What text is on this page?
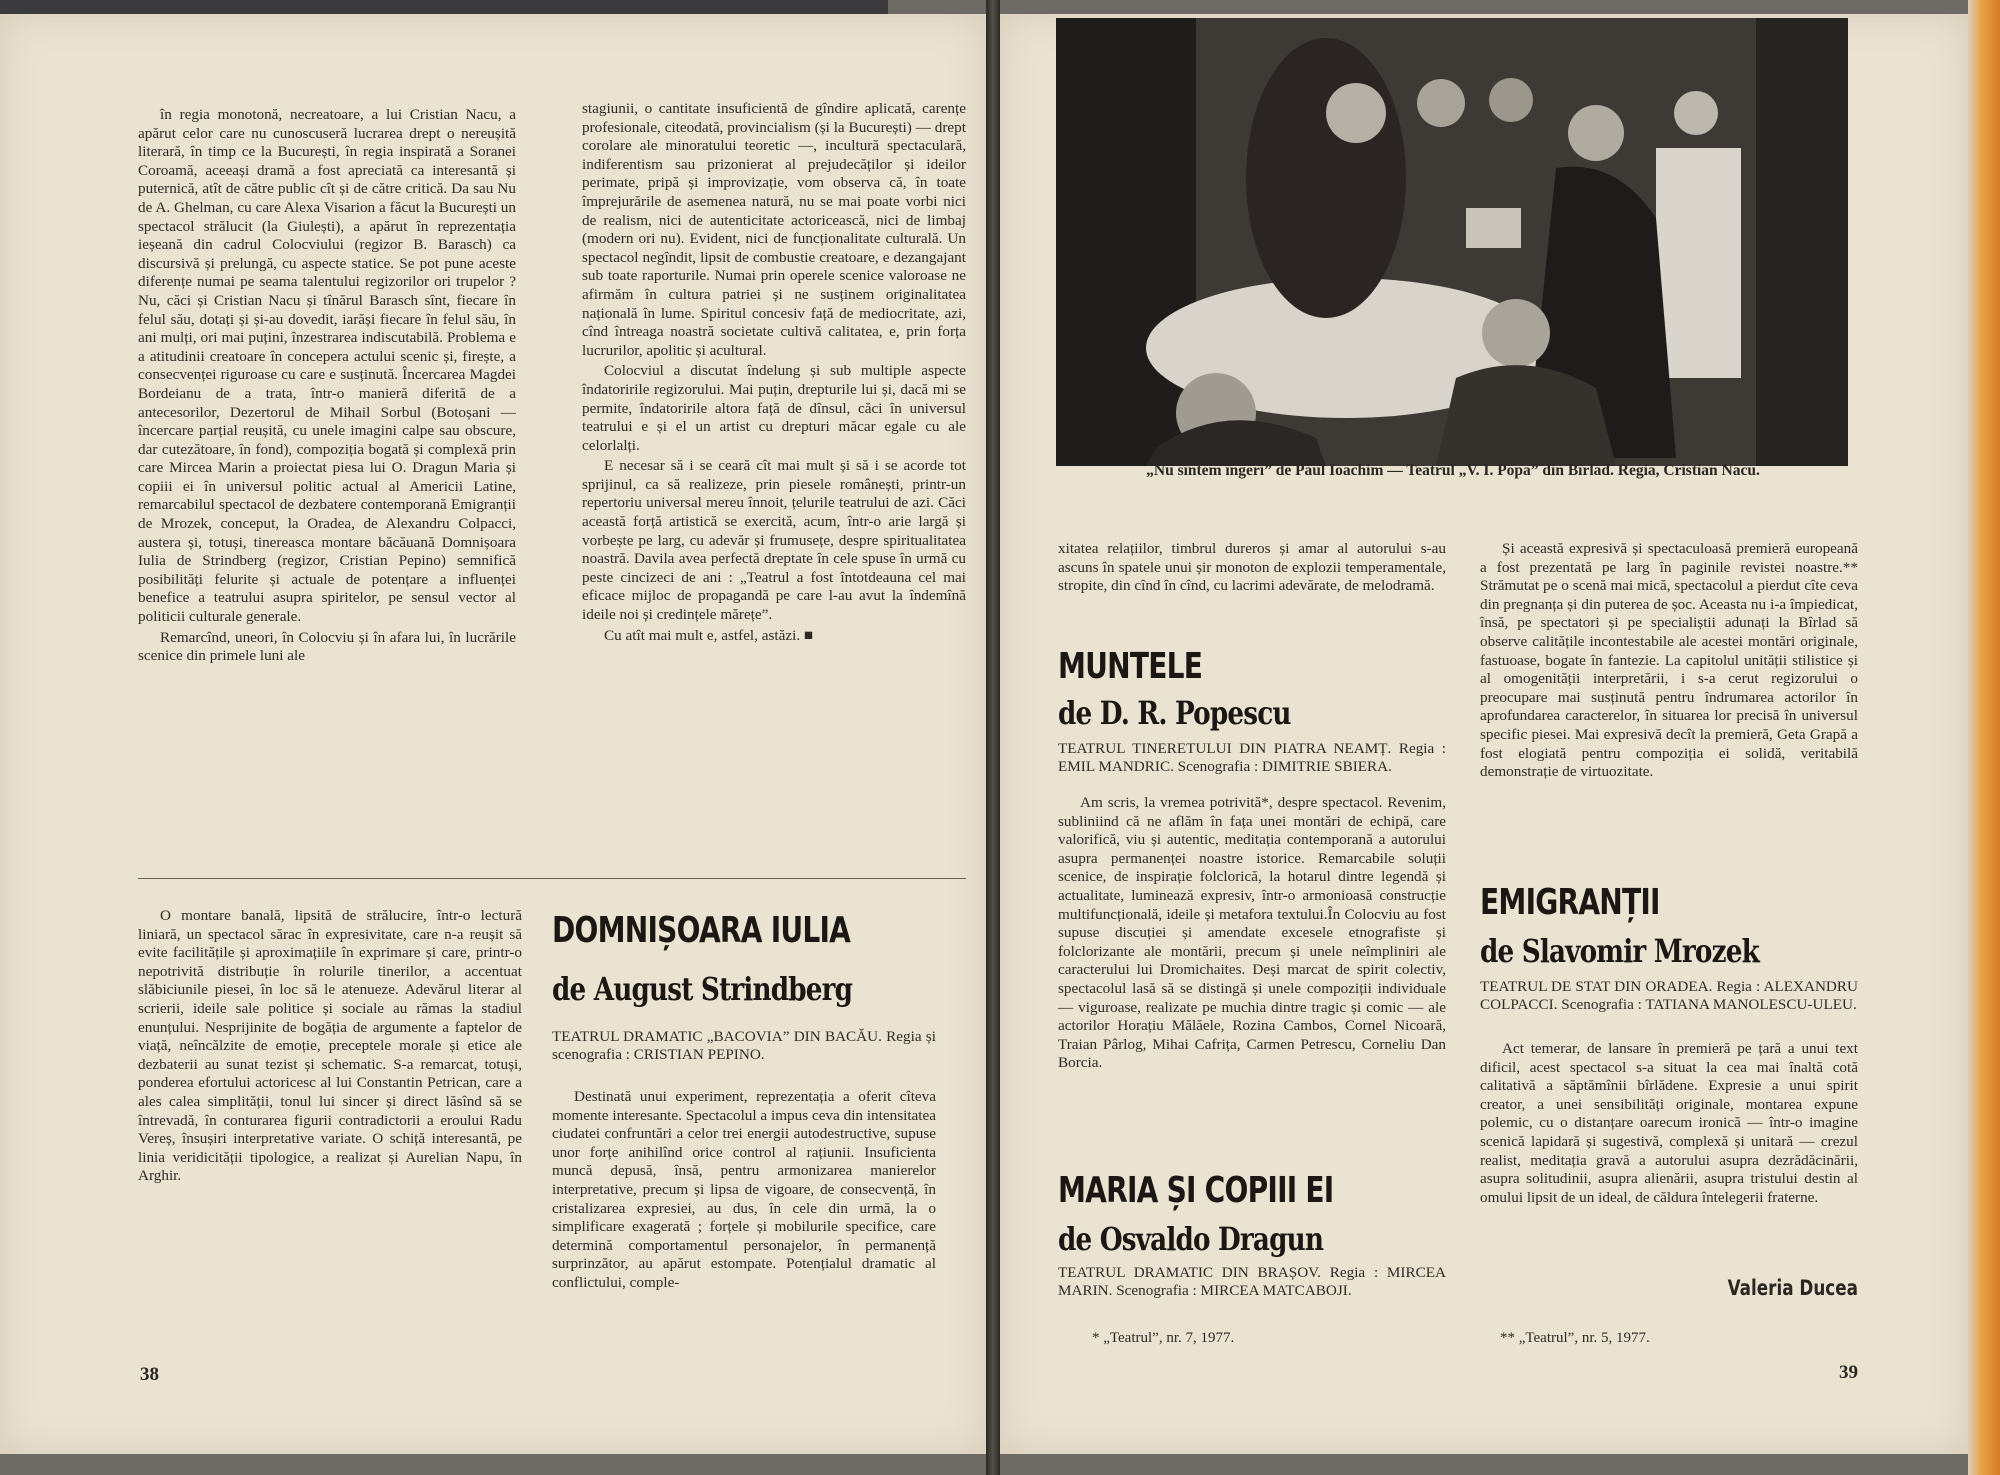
în regia monotonă, necreatoare, a lui Cristian Nacu, a apărut celor care nu cunoscuseră lucrarea drept o nereușită literară, în timp ce la București, în regia inspirată a Soranei Coroamă, aceeași dramă a fost apreciată ca interesantă și puternică, atît de către public cît și de către critică. Da sau Nu de A. Ghelman, cu care Alexa Visarion a făcut la București un spectacol strălucit (la Giulești), a apărut în reprezentația ieșeană din cadrul Colocviului (regizor B. Barasch) ca discursivă și prelungă, cu aspecte statice. Se pot pune aceste diferențe numai pe seama talentului regizorilor ori trupelor ? Nu, căci și Cristian Nacu și tînărul Barasch sînt, fiecare în felul său, dotați și și-au dovedit, iarăși fiecare în felul său, în ani mulți, ori mai puțini, înzestrarea indiscutabilă. Problema e a atitudinii creatoare în concepera actului scenic și, firește, a consecvenței riguroase cu care e susținută. Încercarea Magdei Bordeianu de a trata, într-o manieră diferită de a antecesorilor, Dezertorul de Mihail Sorbul (Botoșani — încercare parțial reușită, cu unele imagini calpe sau obscure, dar cutezătoare, în fond), compoziția bogată și complexă prin care Mircea Marin a proiectat piesa lui O. Dragun Maria și copiii ei în universul politic actual al Americii Latine, remarcabilul spectacol de dezbatere contemporană Emigranții de Mrozek, conceput, la Oradea, de Alexandru Colpacci, austera și, totuși, tinereasca montare băcăuană Domnișoara Iulia de Strindberg (regizor, Cristian Pepino) semnifică posibilități felurite și actuale de potențare a influenței benefice a teatrului asupra spiritelor, pe sensul vector al politicii culturale generale.

Remarcînd, uneori, în Colocviu și în afara lui, în lucrările scenice din primele luni ale

stagiunii, o cantitate insuficientă de gîndire aplicată, carențe profesionale, citeodată, provincialism (și la București) — drept corolare ale minoratului teoretic —, incultură spectaculară, indiferentism sau prizonierat al prejudecăților și ideilor perimate, pripă și improvizație, vom observa că, în toate împrejurările de asemenea natură, nu se mai poate vorbi nici de realism, nici de autenticitate actoricească, nici de limbaj (modern ori nu). Evident, nici de funcționalitate culturală. Un spectacol negîndit, lipsit de combustie creatoare, e dezangajant sub toate raporturile. Numai prin operele scenice valoroase ne afirmăm în cultura patriei și ne susținem originalitatea națională în lume. Spiritul concesiv față de mediocritate, azi, cînd întreaga noastră societate cultivă calitatea, e, prin forța lucrurilor, apolitic și acultural.

Colocviul a discutat îndelung și sub multiple aspecte îndatoririle regizorului. Mai puțin, drepturile lui și, dacă mi se permite, îndatoririle altora față de dînsul, căci în universul teatrului e și el un artist cu drepturi măcar egale cu ale celorlalți.

E necesar să i se ceară cît mai mult și să i se acorde tot sprijinul, ca să realizeze, prin piesele românești, printr-un repertoriu universal mereu înnoit, țelurile teatrului de azi. Căci această forță artistică se exercită, acum, într-o arie largă și vorbește pe larg, cu adevăr și frumusețe, despre spiritualitatea noastră. Davila avea perfectă dreptate în cele spuse în urmă cu peste cincizeci de ani : „Teatrul a fost întotdeauna cel mai eficace mijloc de propagandă pe care l-au avut la îndemînă ideile noi și credințele mărețe”.

Cu atît mai mult e, astfel, astăzi. ■

O montare banală, lipsită de strălucire, într-o lectură liniară, un spectacol sărac în expresivitate, care n-a reușit să evite facilitățile și aproximațiile în exprimare și care, printr-o nepotrivită distribuție în rolurile tinerilor, a accentuat slăbiciunile piesei, în loc să le atenueze. Adevărul literar al scrierii, ideile sale politice și sociale au rămas la stadiul enunțului. Nesprijinite de bogăția de argumente a faptelor de viață, neîncălzite de emoție, preceptele morale și etice ale dezbaterii au sunat tezist și schematic. S-a remarcat, totuși, ponderea efortului actoricesc al lui Constantin Petrican, care a ales calea simplității, tonul lui sincer și direct lăsînd să se întrevadă, în conturarea figurii contradictorii a eroului Radu Vereș, însușiri interpretative variate. O schiță interesantă, pe linia veridicității tipologice, a realizat și Aurelian Napu, în Arghir.

DOMNIȘOARA IULIA
de August Strindberg
TEATRUL DRAMATIC „BACOVIA” DIN BACĂU. Regia și scenografia : CRISTIAN PEPINO.

Destinată unui experiment, reprezentația a oferit cîteva momente interesante. Spectacolul a impus ceva din intensitatea ciudatei confruntări a celor trei energii autodestructive, supuse unor forțe anihilînd orice control al rațiunii. Insuficienta muncă depusă, însă, pentru armonizarea manierelor interpretative, precum și lipsa de vigoare, de consecvență, în cristalizarea expresiei, au dus, în cele din urmă, la o simplificare exagerată ; forțele și mobilurile specifice, care determină comportamentul personajelor, în permanență surprinzător, au apărut estompate. Potențialul dramatic al conflictului, comple-

38
„Nu sîntem îngeri” de Paul Ioachim — Teatrul „V. I. Popa” din Bîrlad. Regia, Cristian Nacu.

xitatea relațiilor, timbrul dureros și amar al autorului s-au ascuns în spatele unui șir monoton de explozii temperamentale, stropite, din cînd în cînd, cu lacrimi adevărate, de melodramă.

MUNTELE
de D. R. Popescu
TEATRUL TINERETULUI DIN PIATRA NEAMȚ. Regia : EMIL MANDRIC. Scenografia : DIMITRIE SBIERA.

Am scris, la vremea potrivită*, despre spectacol. Revenim, subliniind că ne aflăm în fața unei montări de echipă, care valorifică, viu și autentic, meditația contemporană a autorului asupra permanenței noastre istorice. Remarcabile soluții scenice, de inspirație folclorică, la hotarul dintre legendă și actualitate, luminează expresiv, într-o armonioasă construcție multifuncțională, ideile și metafora textului.În Colocviu au fost supuse discuției și amendate excesele etnografiste și folclorizante ale montării, precum și unele neîmpliniri ale caracterului lui Dromichaites. Deși marcat de spirit colectiv, spectacolul lasă să se distingă și unele compoziții individuale — viguroase, realizate pe muchia dintre tragic și comic — ale actorilor Horațiu Mălăele, Rozina Cambos, Cornel Nicoară, Traian Pârlog, Mihai Cafrița, Carmen Petrescu, Corneliu Dan Borcia.

MARIA ȘI COPIII EI
de Osvaldo Dragun
TEATRUL DRAMATIC DIN BRAȘOV. Regia : MIRCEA MARIN. Scenografia : MIRCEA MATCABOJI.
* „Teatrul”, nr. 7, 1977.

Și această expresivă și spectaculoasă premieră europeană a fost prezentată pe larg în paginile revistei noastre.** Strămutat pe o scenă mai mică, spectacolul a pierdut cîte ceva din pregnanța și din puterea de șoc. Aceasta nu i-a împiedicat, însă, pe spectatori și pe specialiștii adunați la Bîrlad să observe calitățile incontestabile ale acestei montări originale, fastuoase, bogate în fantezie. La capitolul unității stilistice și al omogenității interpretării, i s-a cerut regizorului o preocupare mai susținută pentru îndrumarea actorilor în aprofundarea caracterelor, în situarea lor precisă în universul specific piesei. Mai expresivă decît la premieră, Geta Grapă a fost elogiată pentru compoziția ei solidă, veritabilă demonstrație de virtuozitate.

EMIGRANȚII
de Slavomir Mrozek
TEATRUL DE STAT DIN ORADEA. Regia : ALEXANDRU COLPACCI. Scenografia : TATIANA MANOLESCU-ULEU.

Act temerar, de lansare în premieră pe țară a unui text dificil, acest spectacol s-a situat la cea mai înaltă cotă calitativă a săptămînii bîrlădene. Expresie a unui spirit creator, a unei sensibilități originale, montarea expune polemic, cu o distanțare oarecum ironică — într-o imagine scenică lapidară și sugestivă, complexă și unitară — crezul realist, meditația gravă a autorului asupra dezrădăcinării, asupra solitudinii, asupra alienării, asupra tristului destin al omului lipsit de un ideal, de căldura întelegerii fraterne.

Valeria Ducea
** „Teatrul”, nr. 5, 1977.
39
